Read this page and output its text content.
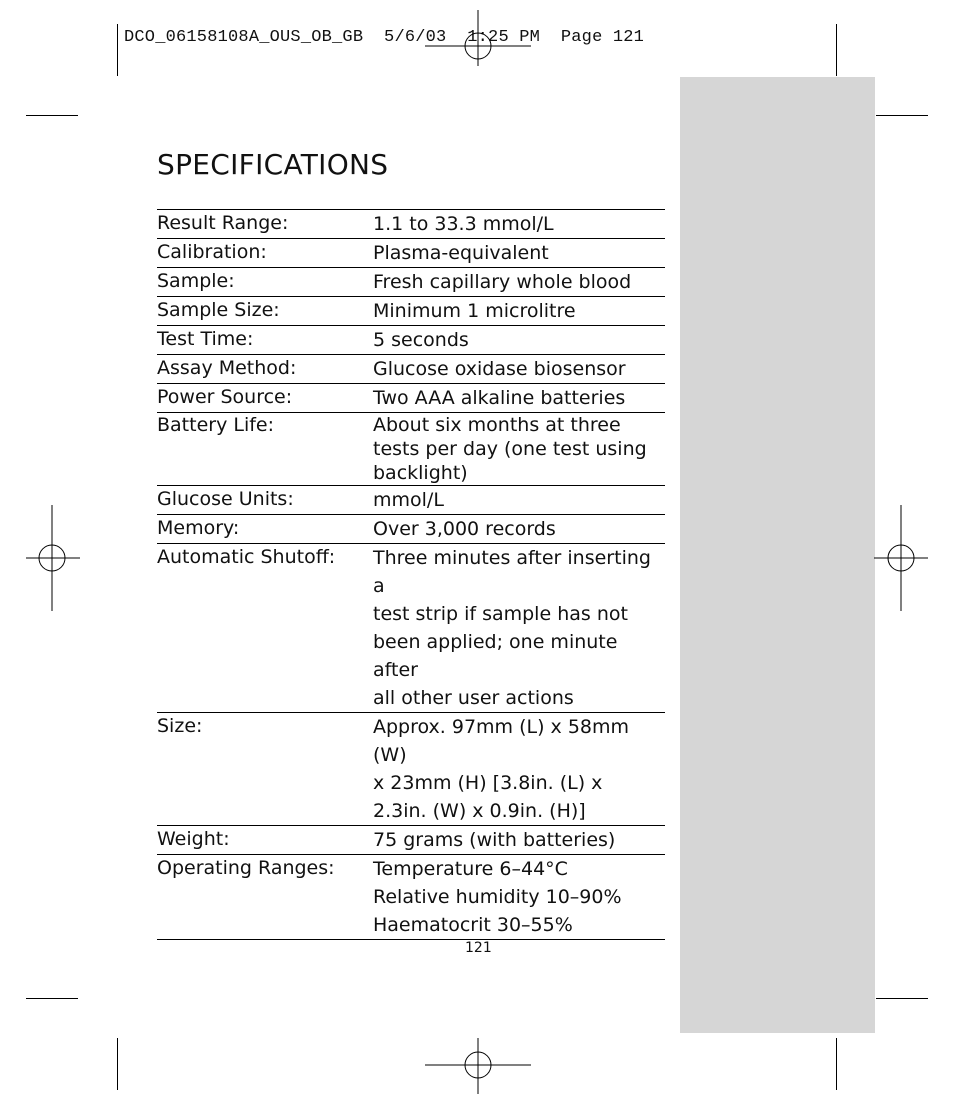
DCO_06158108A_OUS_OB_GB  5/6/03  1:25 PM  Page 121
SPECIFICATIONS
Result Range:	1.1 to 33.3 mmol/L

Calibration:	Plasma-equivalent

Sample:	Fresh capillary whole blood

Sample Size:	Minimum 1 microlitre

Test Time:	5 seconds

Assay Method:	Glucose oxidase biosensor

Power Source:	Two AAA alkaline batteries

Battery Life:	About six months at three
tests per day (one test using
backlight)

Glucose Units:	mmol/L

Memory:	Over 3,000 records

Automatic Shutoff:	Three minutes after inserting a
test strip if sample has not
been applied; one minute after
all other user actions

Size:	Approx. 97mm (L) x 58mm (W)
x 23mm (H) [3.8in. (L) x
2.3in. (W) x 0.9in. (H)]

Weight:	75 grams (with batteries)

Operating Ranges:	Temperature 6–44°C
Relative humidity 10–90%
Haematocrit 30–55%
121
